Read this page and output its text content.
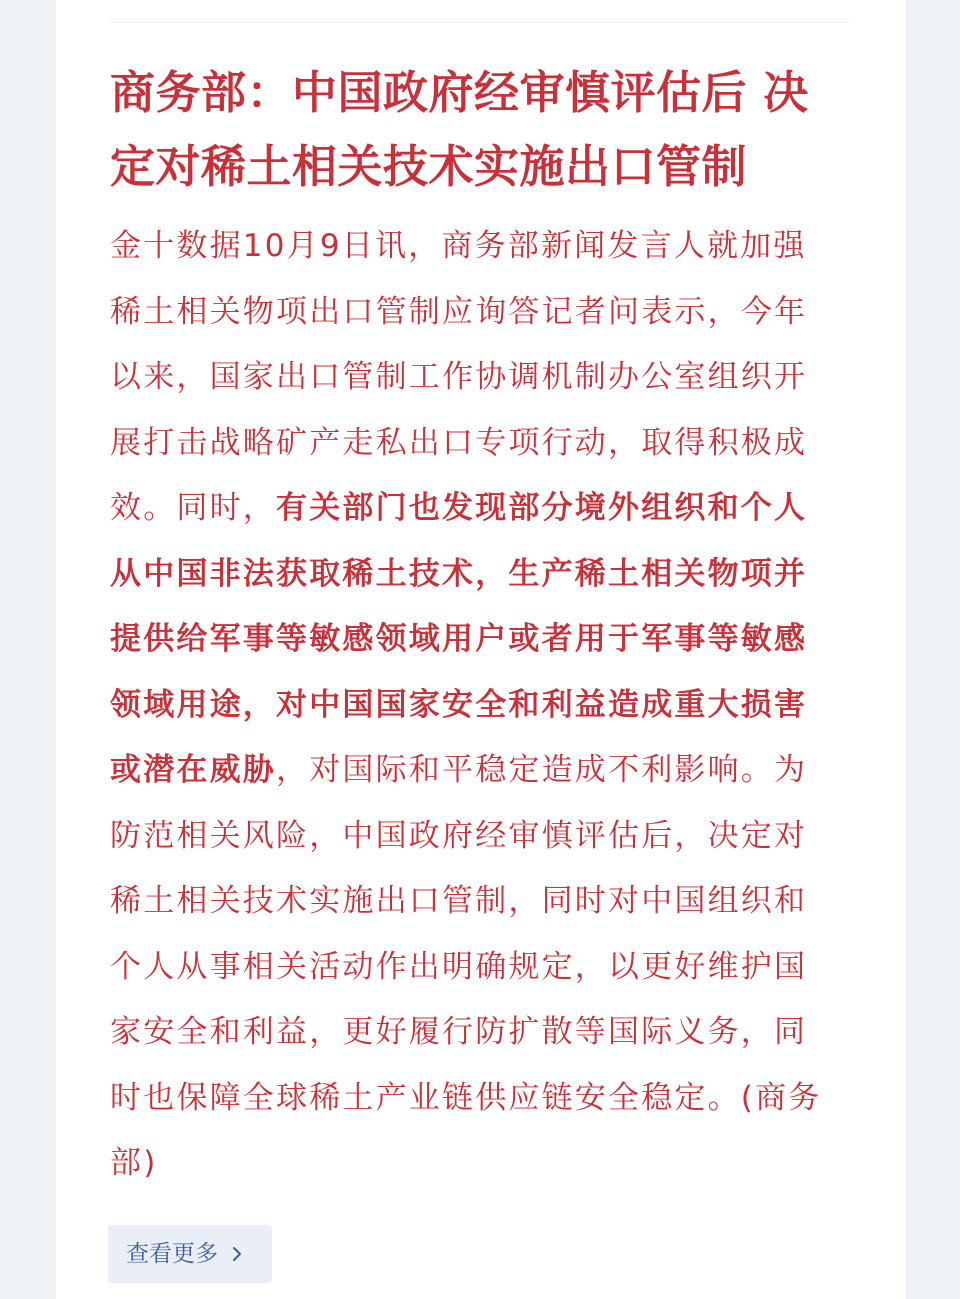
商务部：中国政府经审慎评估后 决定对稀土相关技术实施出口管制

金十数据10月9日讯，商务部新闻发言人就加强稀土相关物项出口管制应询答记者问表示，今年以来，国家出口管制工作协调机制办公室组织开展打击战略矿产走私出口专项行动，取得积极成效。同时，有关部门也发现部分境外组织和个人从中国非法获取稀土技术，生产稀土相关物项并提供给军事等敏感领域用户或者用于军事等敏感领域用途，对中国国家安全和利益造成重大损害或潜在威胁，对国际和平稳定造成不利影响。为防范相关风险，中国政府经审慎评估后，决定对稀土相关技术实施出口管制，同时对中国组织和个人从事相关活动作出明确规定，以更好维护国家安全和利益，更好履行防扩散等国际义务，同时也保障全球稀土产业链供应链安全稳定。(商务部)

查看更多
